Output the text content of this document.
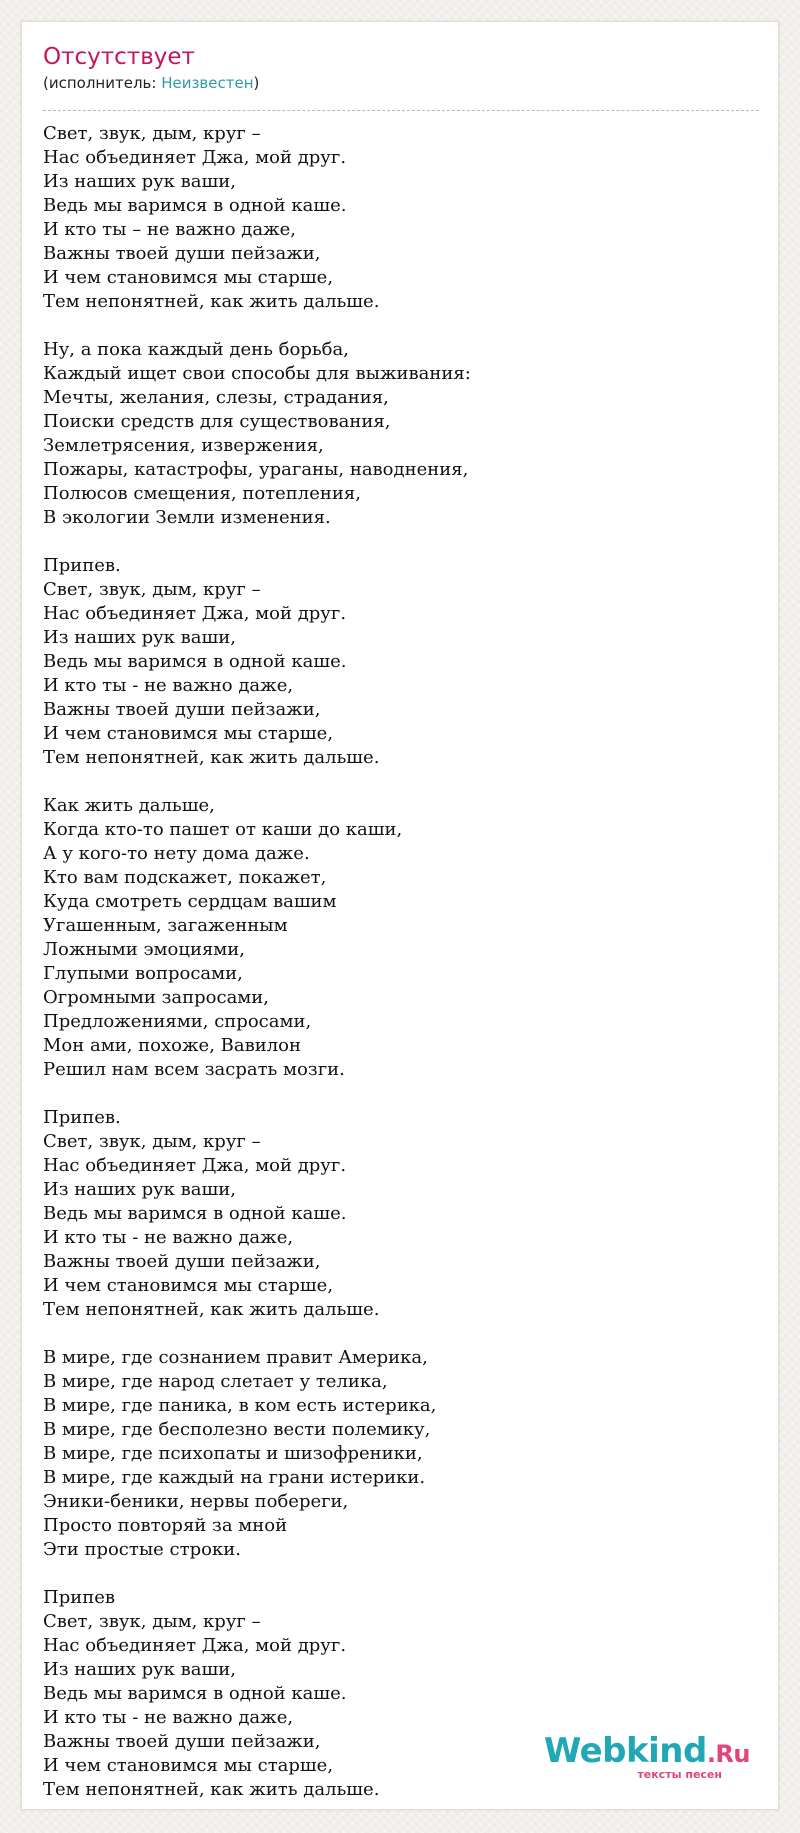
Отсутствует
(исполнитель: Неизвестен)
Свет, звук, дым, круг –
Нас объединяет Джа, мой друг.
Из наших рук ваши,
Ведь мы варимся в одной каше.
И кто ты – не важно даже,
Важны твоей души пейзажи,
И чем становимся мы старше,
Тем непонятней, как жить дальше.
Ну, а пока каждый день борьба,
Каждый ищет свои способы для выживания:
Мечты, желания, слезы, страдания,
Поиски средств для существования,
Землетрясения, извержения,
Пожары, катастрофы, ураганы, наводнения,
Полюсов смещения, потепления,
В экологии Земли изменения.
Припев.
Свет, звук, дым, круг –
Нас объединяет Джа, мой друг.
Из наших рук ваши,
Ведь мы варимся в одной каше.
И кто ты - не важно даже,
Важны твоей души пейзажи,
И чем становимся мы старше,
Тем непонятней, как жить дальше.
Как жить дальше,
Когда кто-то пашет от каши до каши,
А у кого-то нету дома даже.
Кто вам подскажет, покажет,
Куда смотреть сердцам вашим
Угашенным, загаженным
Ложными эмоциями,
Глупыми вопросами,
Огромными запросами,
Предложениями, спросами,
Мон ами, похоже, Вавилон
Решил нам всем засрать мозги.
Припев.
Свет, звук, дым, круг –
Нас объединяет Джа, мой друг.
Из наших рук ваши,
Ведь мы варимся в одной каше.
И кто ты - не важно даже,
Важны твоей души пейзажи,
И чем становимся мы старше,
Тем непонятней, как жить дальше.
В мире, где сознанием правит Америка,
В мире, где народ слетает у телика,
В мире, где паника, в ком есть истерика,
В мире, где бесполезно вести полемику,
В мире, где психопаты и шизофреники,
В мире, где каждый на грани истерики.
Эники-беники, нервы побереги,
Просто повторяй за мной
Эти простые строки.
Припев
Свет, звук, дым, круг –
Нас объединяет Джа, мой друг.
Из наших рук ваши,
Ведь мы варимся в одной каше.
И кто ты - не важно даже,
Важны твоей души пейзажи,
И чем становимся мы старше,
Тем непонятней, как жить дальше.
Webkind.Ru
тексты песен
